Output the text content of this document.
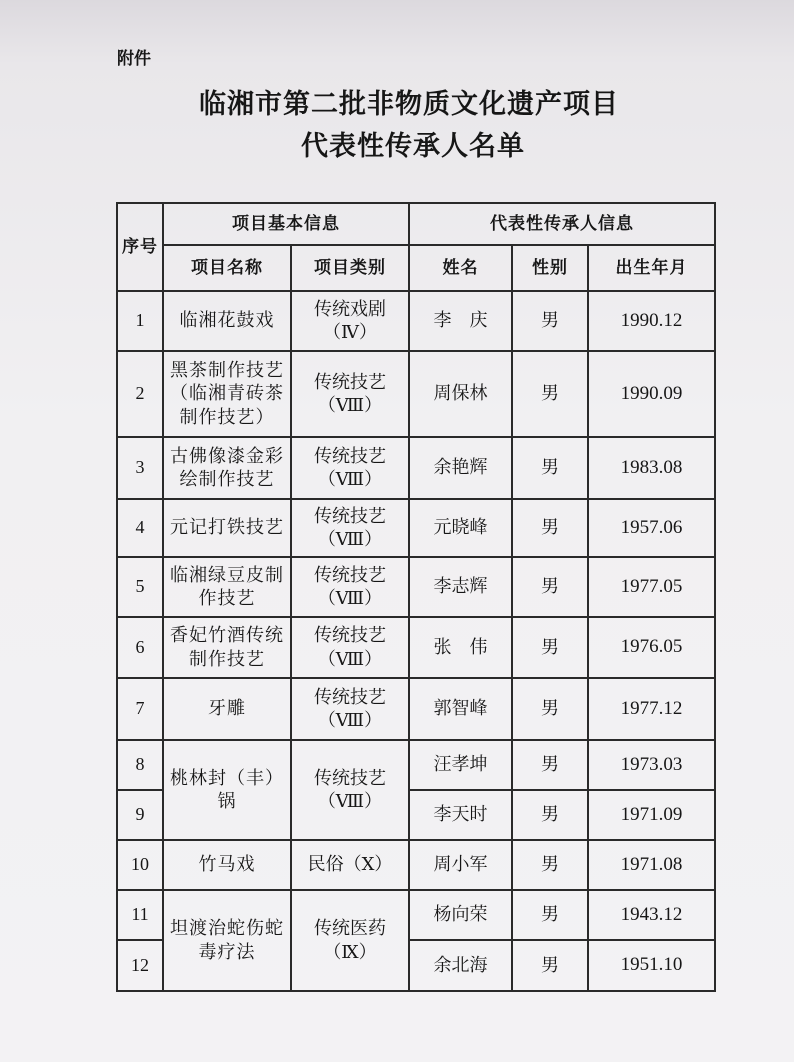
附件
临湘市第二批非物质文化遗产项目
代表性传承人名单
序号	项目基本信息		代表性传承人信息		
	项目名称	项目类别	姓名	性别	出生年月
1	临湘花鼓戏	传统戏剧（Ⅳ）	李　庆	男	1990.12
2	黑茶制作技艺（临湘青砖茶制作技艺）	传统技艺（Ⅷ）	周保林	男	1990.09
3	古佛像漆金彩绘制作技艺	传统技艺（Ⅷ）	余艳辉	男	1983.08
4	元记打铁技艺	传统技艺（Ⅷ）	元晓峰	男	1957.06
5	临湘绿豆皮制作技艺	传统技艺（Ⅷ）	李志辉	男	1977.05
6	香妃竹酒传统制作技艺	传统技艺（Ⅷ）	张　伟	男	1976.05
7	牙雕	传统技艺（Ⅷ）	郭智峰	男	1977.12
8	桃林封（丰）锅	传统技艺（Ⅷ）	汪孝坤	男	1973.03
9			李天时	男	1971.09
10	竹马戏	民俗（Ⅹ）	周小军	男	1971.08
11	坦渡治蛇伤蛇毒疗法	传统医药（Ⅸ）	杨向荣	男	1943.12
12			余北海	男	1951.10
